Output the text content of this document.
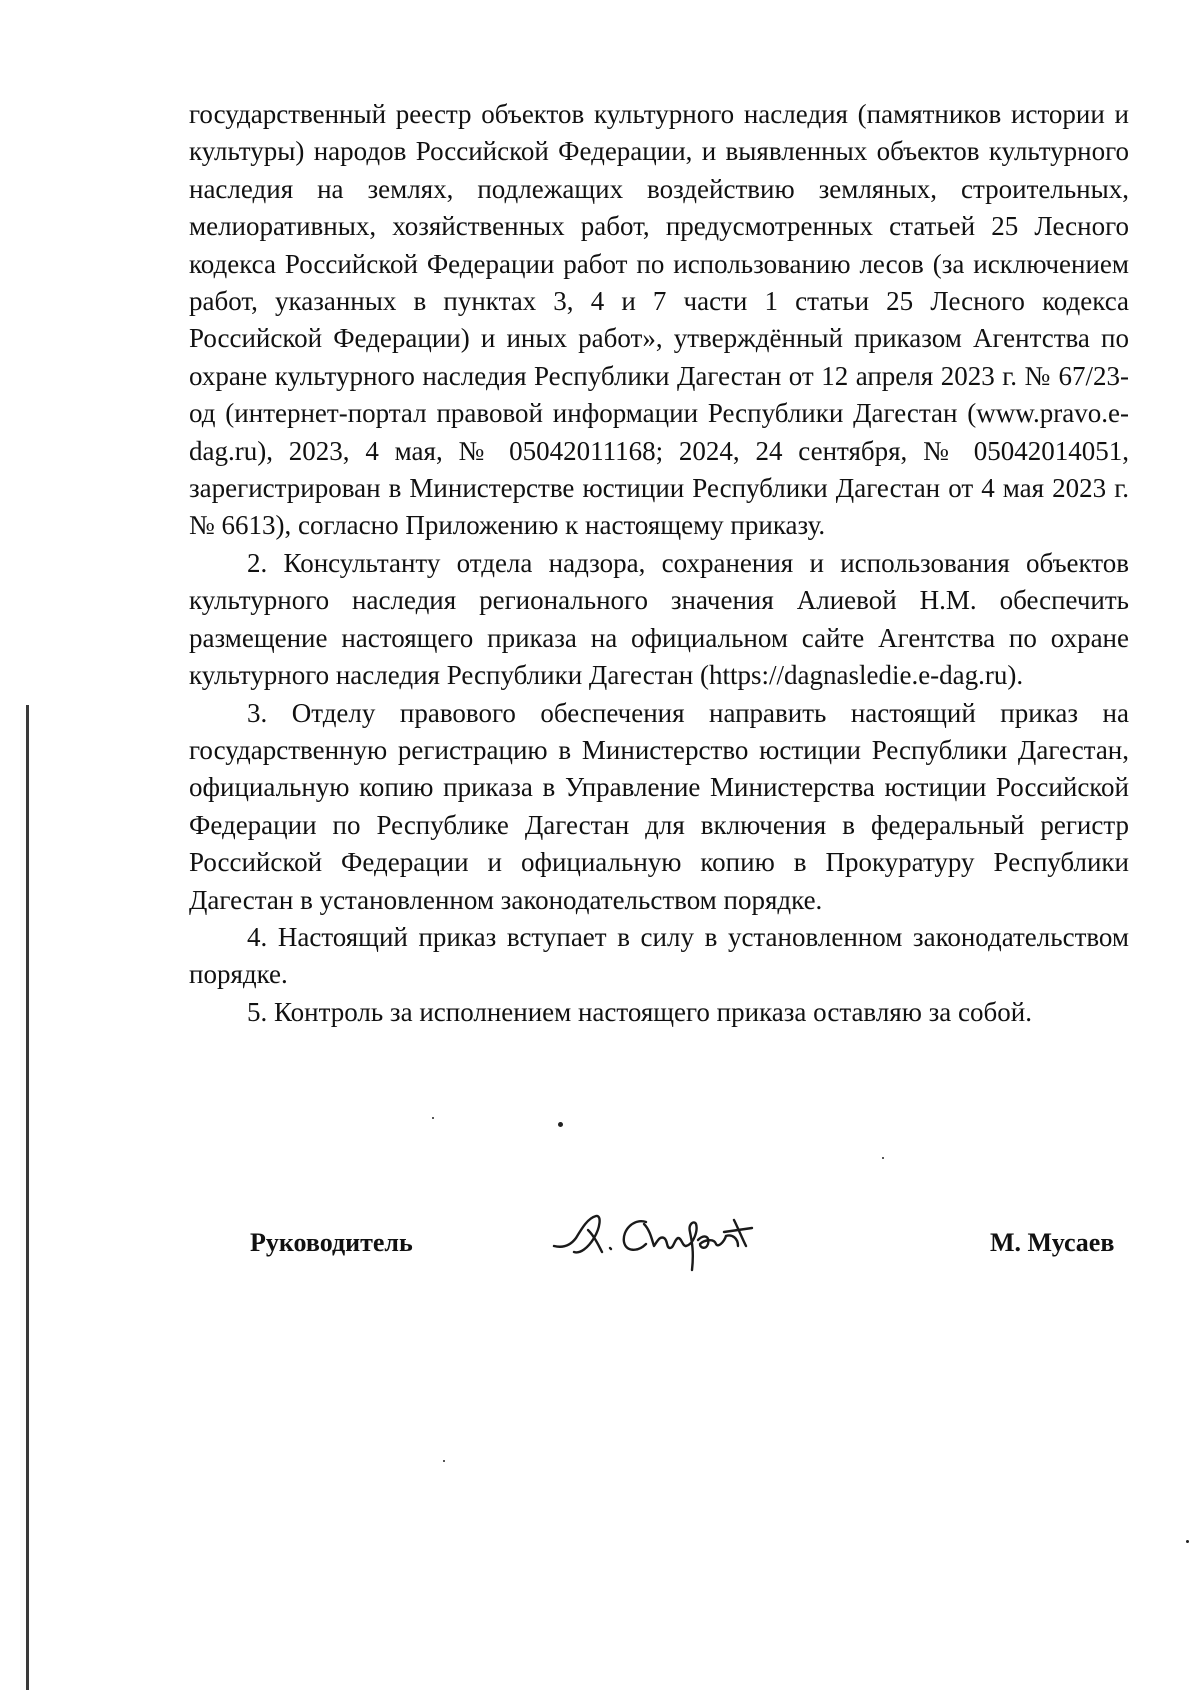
государственный реестр объектов культурного наследия (памятников истории и культуры) народов Российской Федерации, и выявленных объектов культурного наследия на землях, подлежащих воздействию земляных, строительных, мелиоративных, хозяйственных работ, предусмотренных статьей 25 Лесного кодекса Российской Федерации работ по использованию лесов (за исключением работ, указанных в пунктах 3, 4 и 7 части 1 статьи 25 Лесного кодекса Российской Федерации) и иных работ», утверждённый приказом Агентства по охране культурного наследия Республики Дагестан от 12 апреля 2023 г. № 67/23-од (интернет-портал правовой информации Республики Дагестан (www.pravo.e-dag.ru), 2023, 4 мая, № 05042011168; 2024, 24 сентября, № 05042014051, зарегистрирован в Министерстве юстиции Республики Дагестан от 4 мая 2023 г. № 6613), согласно Приложению к настоящему приказу.

2. Консультанту отдела надзора, сохранения и использования объектов культурного наследия регионального значения Алиевой Н.М. обеспечить размещение настоящего приказа на официальном сайте Агентства по охране культурного наследия Республики Дагестан (https://dagnasledie.e-dag.ru).

3. Отделу правового обеспечения направить настоящий приказ на государственную регистрацию в Министерство юстиции Республики Дагестан, официальную копию приказа в Управление Министерства юстиции Российской Федерации по Республике Дагестан для включения в федеральный регистр Российской Федерации и официальную копию в Прокуратуру Республики Дагестан в установленном законодательством порядке.

4. Настоящий приказ вступает в силу в установленном законодательством порядке.

5. Контроль за исполнением настоящего приказа оставляю за собой.

Руководитель	М. Мусаев
